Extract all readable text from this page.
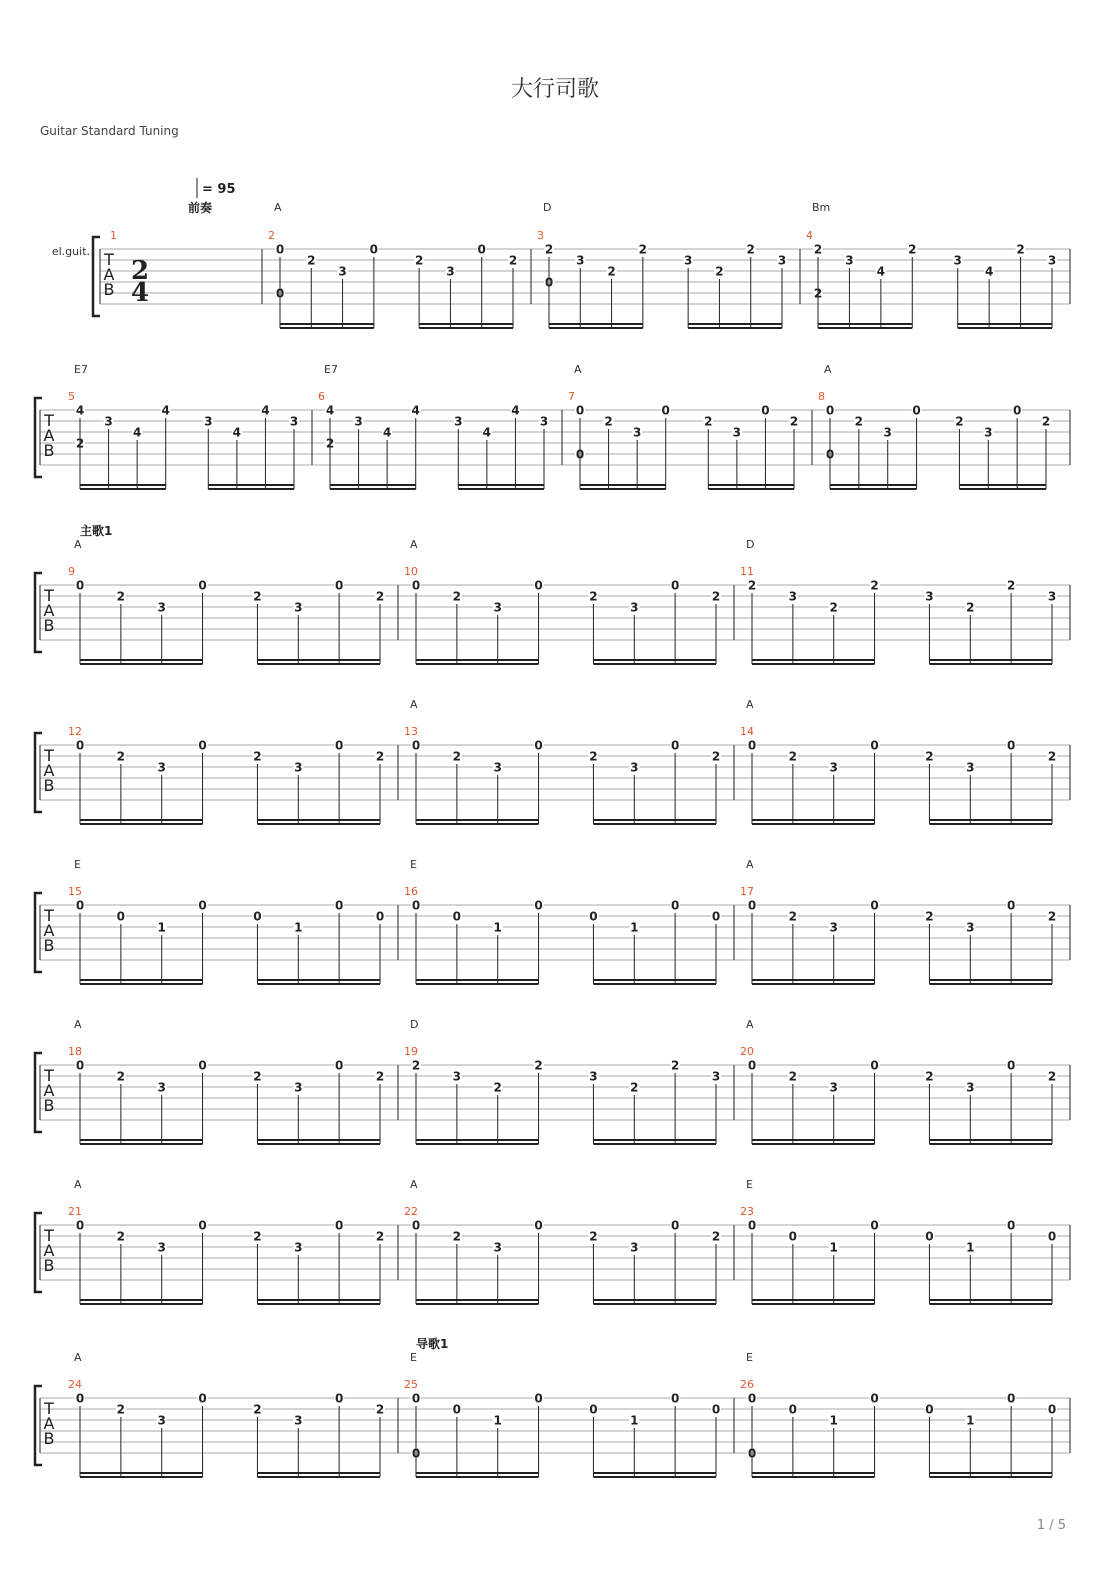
大行司歌
Guitar Standard Tuning
1 / 5
T
A
B
el.guit.
2
4
= 95
1
前奏
2
A
0
0
2
3
0
2
3
0
2
3
D
2
0
3
2
2
3
2
2
3
4
Bm
2
2
3
4
2
3
4
2
3
T
A
B
5
E7
4
2
3
4
4
3
4
4
3
6
E7
4
2
3
4
4
3
4
4
3
7
A
0
0
2
3
0
2
3
0
2
8
A
0
0
2
3
0
2
3
0
2
T
A
B
9
A
0
2
3
0
2
3
0
2
主歌1
10
A
0
2
3
0
2
3
0
2
11
D
2
3
2
2
3
2
2
3
T
A
B
12
0
2
3
0
2
3
0
2
13
A
0
2
3
0
2
3
0
2
14
A
0
2
3
0
2
3
0
2
T
A
B
15
E
0
0
1
0
0
1
0
0
16
E
0
0
1
0
0
1
0
0
17
A
0
2
3
0
2
3
0
2
T
A
B
18
A
0
2
3
0
2
3
0
2
19
D
2
3
2
2
3
2
2
3
20
A
0
2
3
0
2
3
0
2
T
A
B
21
A
0
2
3
0
2
3
0
2
22
A
0
2
3
0
2
3
0
2
23
E
0
0
1
0
0
1
0
0
T
A
B
24
A
0
2
3
0
2
3
0
2
25
E
0
0
0
1
0
0
1
0
0
导歌1
26
E
0
0
0
1
0
0
1
0
0
